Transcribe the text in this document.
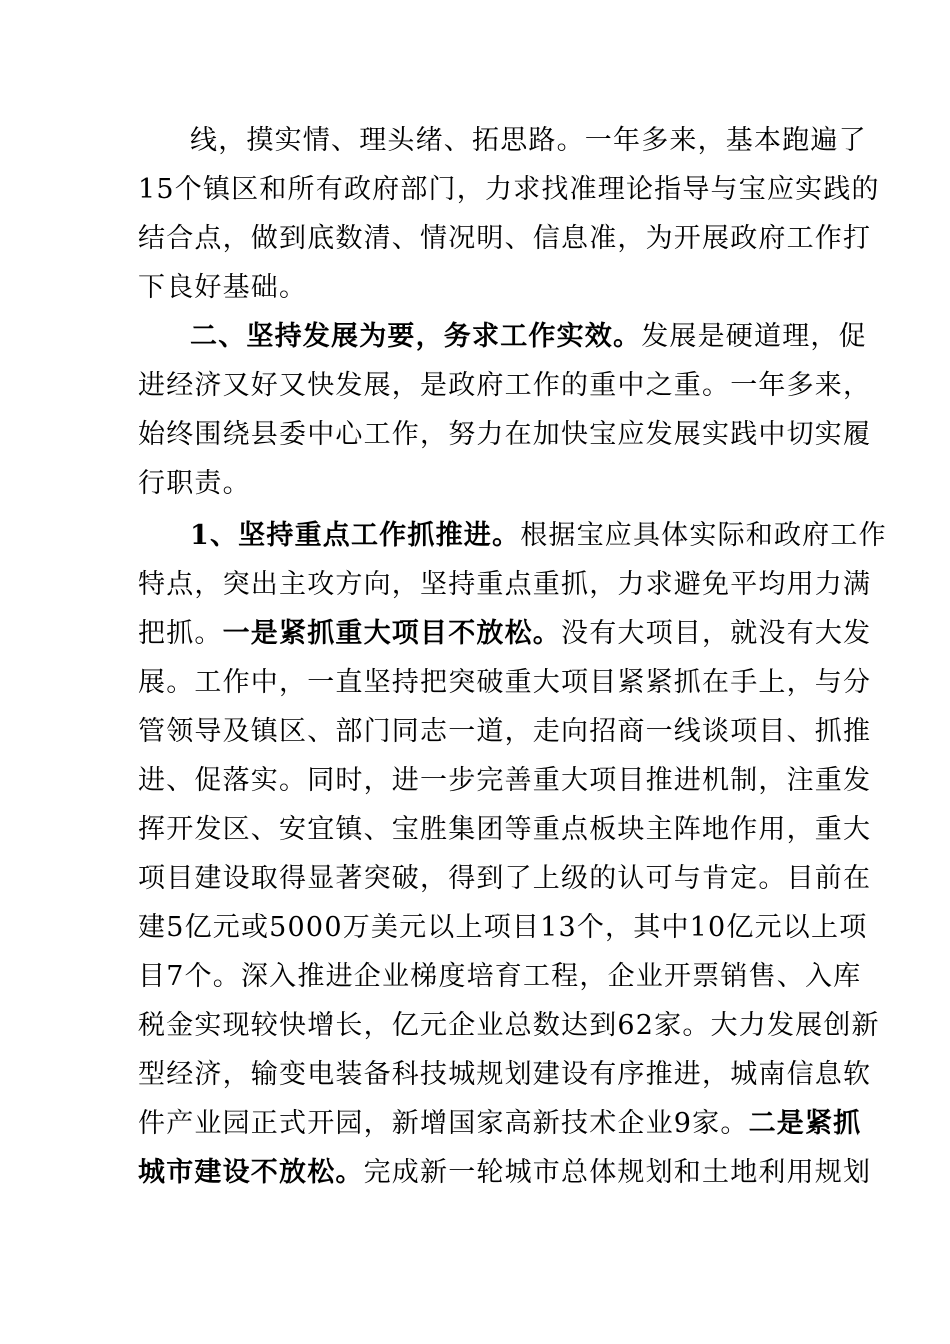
线，摸实情、理头绪、拓思路。一年多来，基本跑遍了
15个镇区和所有政府部门，力求找准理论指导与宝应实践的
结合点，做到底数清、情况明、信息准，为开展政府工作打
下良好基础。
二、坚持发展为要，务求工作实效。发展是硬道理，促
进经济又好又快发展，是政府工作的重中之重。一年多来，
始终围绕县委中心工作，努力在加快宝应发展实践中切实履
行职责。
1、坚持重点工作抓推进。根据宝应具体实际和政府工作
特点，突出主攻方向，坚持重点重抓，力求避免平均用力满
把抓。一是紧抓重大项目不放松。没有大项目，就没有大发
展。工作中，一直坚持把突破重大项目紧紧抓在手上，与分
管领导及镇区、部门同志一道，走向招商一线谈项目、抓推
进、促落实。同时，进一步完善重大项目推进机制，注重发
挥开发区、安宜镇、宝胜集团等重点板块主阵地作用，重大
项目建设取得显著突破，得到了上级的认可与肯定。目前在
建5亿元或5000万美元以上项目13个，其中10亿元以上项
目7个。深入推进企业梯度培育工程，企业开票销售、入库
税金实现较快增长，亿元企业总数达到62家。大力发展创新
型经济，输变电装备科技城规划建设有序推进，城南信息软
件产业园正式开园，新增国家高新技术企业9家。二是紧抓
城市建设不放松。完成新一轮城市总体规划和土地利用规划
